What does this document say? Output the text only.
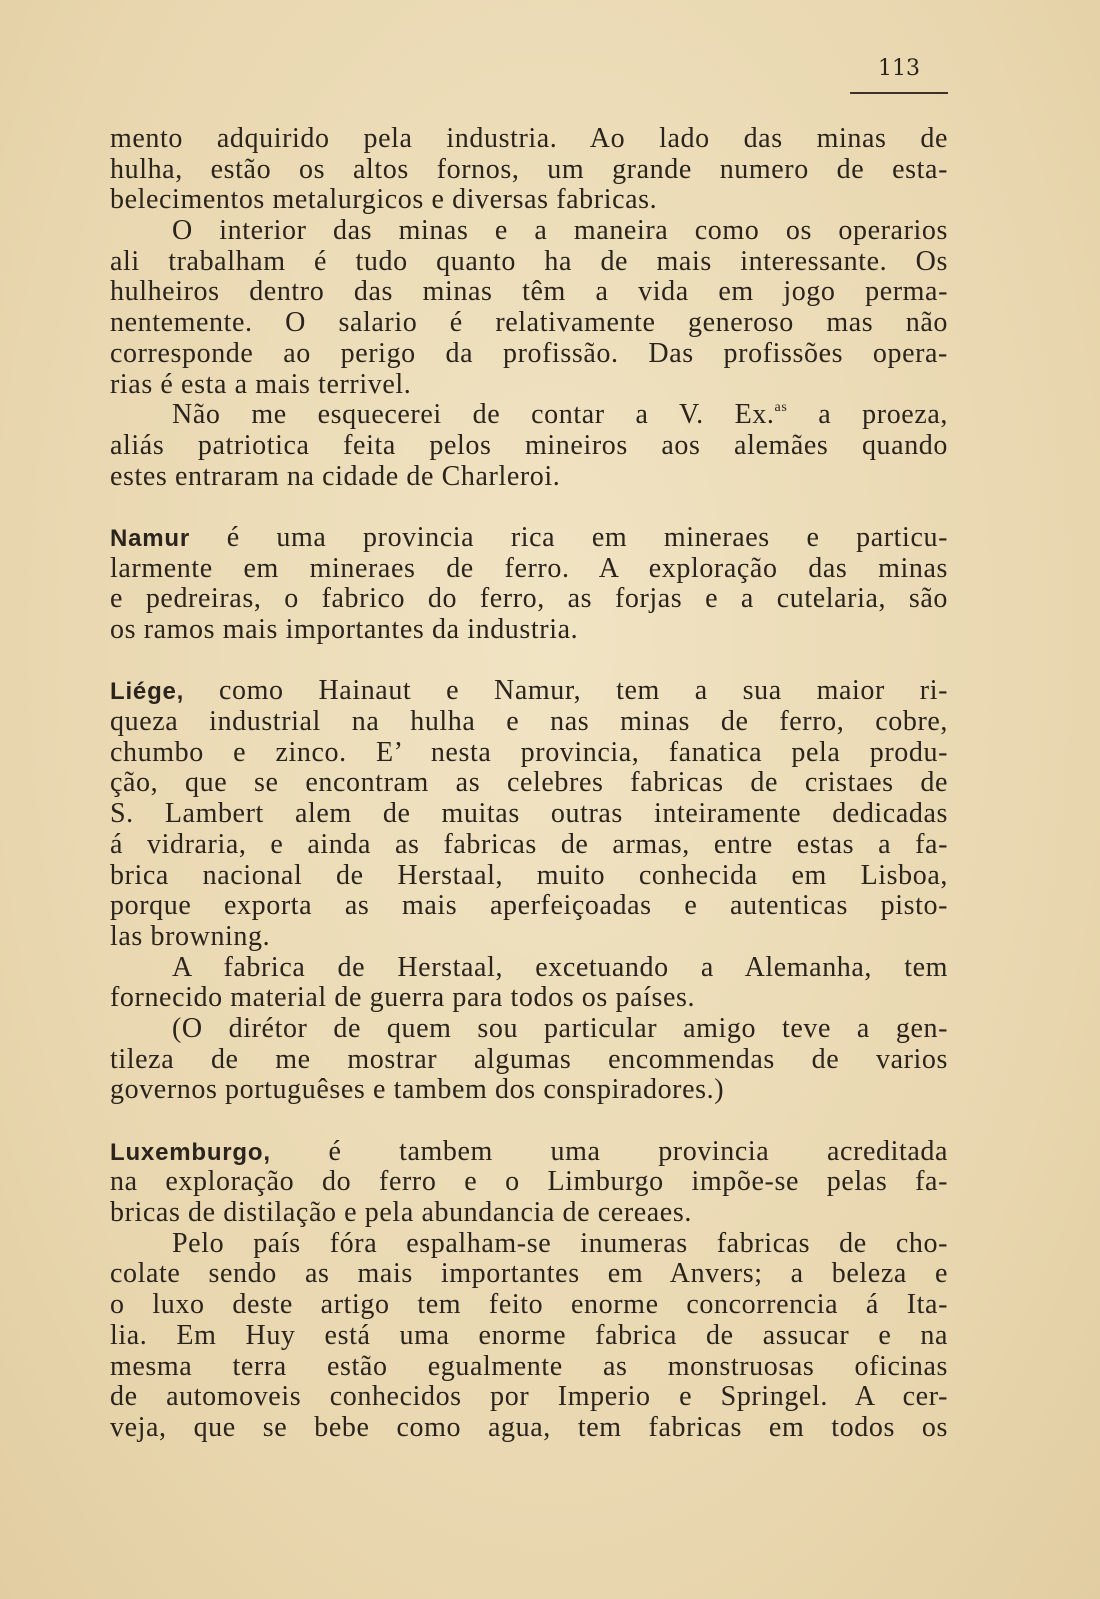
113
mento adquirido pela industria. Ao lado das minas de
hulha, estão os altos fornos, um grande numero de esta-
belecimentos metalurgicos e diversas fabricas.
O interior das minas e a maneira como os operarios
ali trabalham é tudo quanto ha de mais interessante. Os
hulheiros dentro das minas têm a vida em jogo perma-
nentemente. O salario é relativamente generoso mas não
corresponde ao perigo da profissão. Das profissões opera-
rias é esta a mais terrivel.
Não me esquecerei de contar a V. Ex.$^{as}$ a proeza,
aliás patriotica feita pelos mineiros aos alemães quando
estes entraram na cidade de Charleroi.
Namur é uma provincia rica em mineraes e particu-
larmente em mineraes de ferro. A exploração das minas
e pedreiras, o fabrico do ferro, as forjas e a cutelaria, são
os ramos mais importantes da industria.
Liége, como Hainaut e Namur, tem a sua maior ri-
queza industrial na hulha e nas minas de ferro, cobre,
chumbo e zinco. E’ nesta provincia, fanatica pela produ-
ção, que se encontram as celebres fabricas de cristaes de
S. Lambert alem de muitas outras inteiramente dedicadas
á vidraria, e ainda as fabricas de armas, entre estas a fa-
brica nacional de Herstaal, muito conhecida em Lisboa,
porque exporta as mais aperfeiçoadas e autenticas pisto-
las browning.
A fabrica de Herstaal, excetuando a Alemanha, tem
fornecido material de guerra para todos os países.
(O dirétor de quem sou particular amigo teve a gen-
tileza de me mostrar algumas encommendas de varios
governos portuguêses e tambem dos conspiradores.)
Luxemburgo, é tambem uma provincia acreditada
na exploração do ferro e o Limburgo impõe-se pelas fa-
bricas de distilação e pela abundancia de cereaes.
Pelo país fóra espalham-se inumeras fabricas de cho-
colate sendo as mais importantes em Anvers; a beleza e
o luxo deste artigo tem feito enorme concorrencia á Ita-
lia. Em Huy está uma enorme fabrica de assucar e na
mesma terra estão egualmente as monstruosas oficinas
de automoveis conhecidos por Imperio e Springel. A cer-
veja, que se bebe como agua, tem fabricas em todos os
